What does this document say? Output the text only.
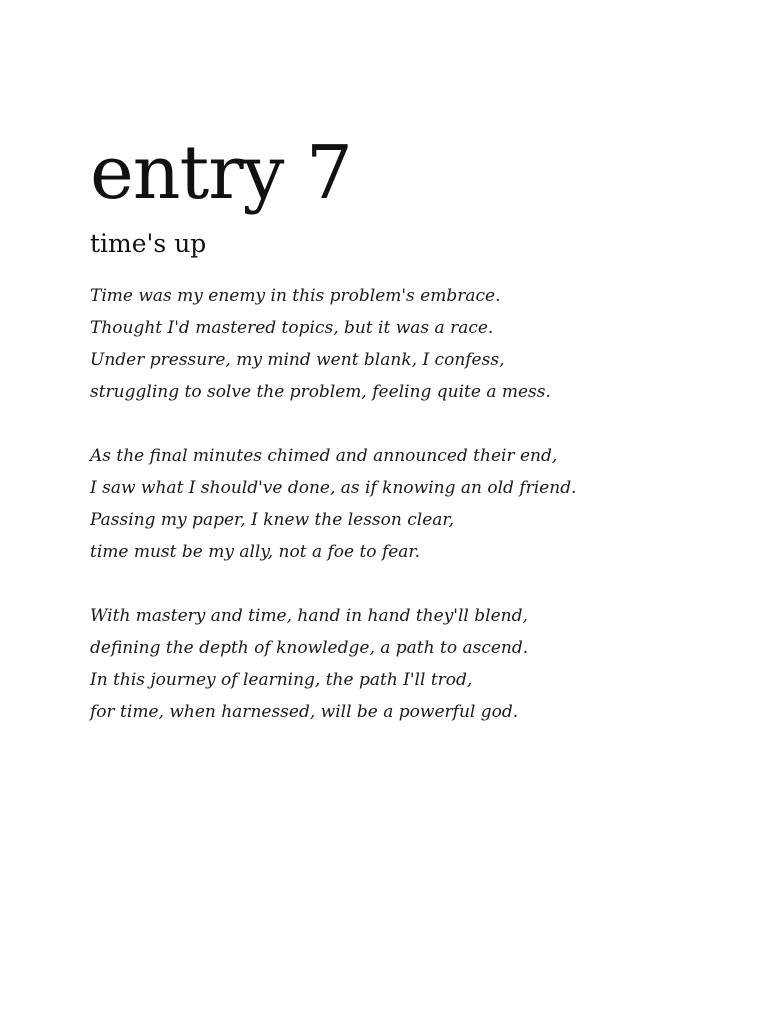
entry 7
time's up
Time was my enemy in this problem's embrace.
Thought I'd mastered topics, but it was a race.
Under pressure, my mind went blank, I confess,
struggling to solve the problem, feeling quite a mess.
As the final minutes chimed and announced their end,
I saw what I should've done, as if knowing an old friend.
Passing my paper, I knew the lesson clear,
time must be my ally, not a foe to fear.
With mastery and time, hand in hand they'll blend,
defining the depth of knowledge, a path to ascend.
In this journey of learning, the path I'll trod,
for time, when harnessed, will be a powerful god.
